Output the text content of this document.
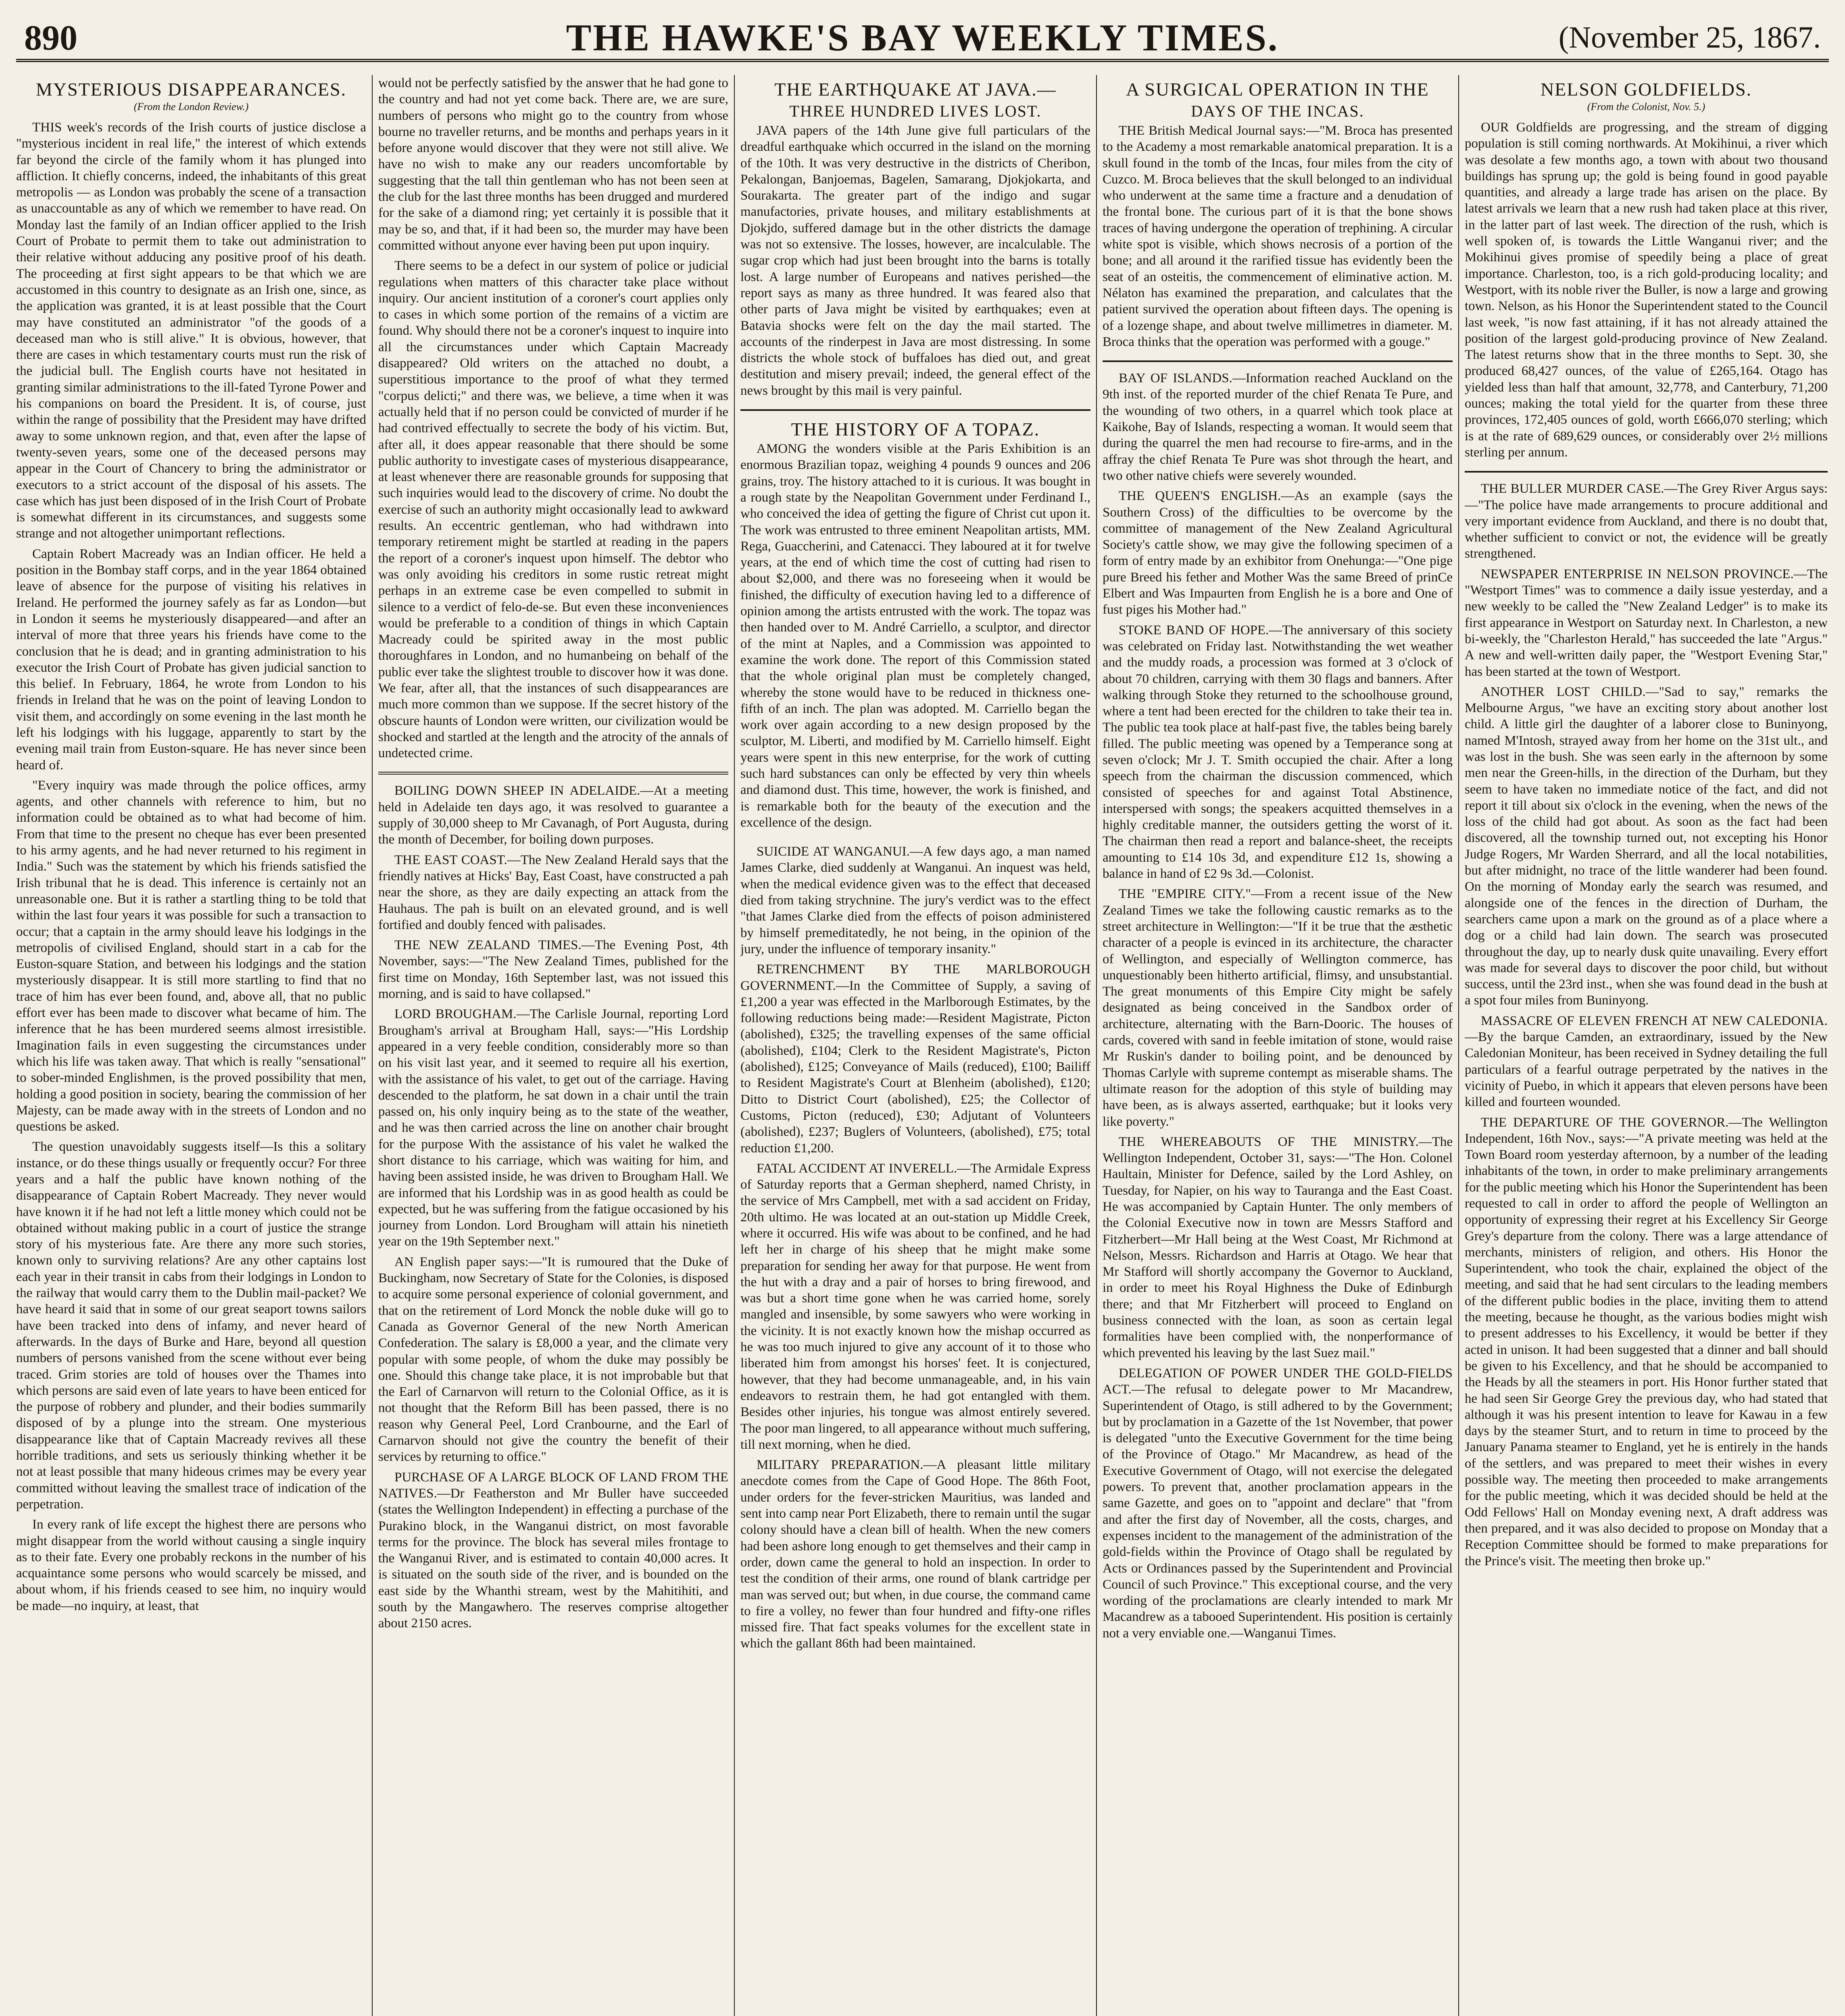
890	THE HAWKE'S BAY WEEKLY TIMES.	(November 25, 1867.
MYSTERIOUS DISAPPEARANCES.
(From the London Review.)

THIS week's records of the Irish courts of justice disclose a "mysterious incident in real life," the interest of which extends far beyond the circle of the family whom it has plunged into affliction. It chiefly concerns, indeed, the inhabitants of this great metropolis — as London was probably the scene of a transaction as unaccountable as any of which we remember to have read. On Monday last the family of an Indian officer applied to the Irish Court of Probate to permit them to take out administration to their relative without adducing any positive proof of his death. The proceeding at first sight appears to be that which we are accustomed in this country to designate as an Irish one, since, as the application was granted, it is at least possible that the Court may have constituted an administrator "of the goods of a deceased man who is still alive." It is obvious, however, that there are cases in which testamentary courts must run the risk of the judicial bull. The English courts have not hesitated in granting similar administrations to the ill-fated Tyrone Power and his companions on board the President. It is, of course, just within the range of possibility that the President may have drifted away to some unknown region, and that, even after the lapse of twenty-seven years, some one of the deceased persons may appear in the Court of Chancery to bring the administrator or executors to a strict account of the disposal of his assets. The case which has just been disposed of in the Irish Court of Probate is somewhat different in its circumstances, and suggests some strange and not altogether unimportant reflections.

Captain Robert Macready was an Indian officer. He held a position in the Bombay staff corps, and in the year 1864 obtained leave of absence for the purpose of visiting his relatives in Ireland. He performed the journey safely as far as London—but in London it seems he mysteriously disappeared—and after an interval of more that three years his friends have come to the conclusion that he is dead; and in granting administration to his executor the Irish Court of Probate has given judicial sanction to this belief. In February, 1864, he wrote from London to his friends in Ireland that he was on the point of leaving London to visit them, and accordingly on some evening in the last month he left his lodgings with his luggage, apparently to start by the evening mail train from Euston-square. He has never since been heard of.

"Every inquiry was made through the police offices, army agents, and other channels with reference to him, but no information could be obtained as to what had become of him. From that time to the present no cheque has ever been presented to his army agents, and he had never returned to his regiment in India." Such was the statement by which his friends satisfied the Irish tribunal that he is dead. This inference is certainly not an unreasonable one. But it is rather a startling thing to be told that within the last four years it was possible for such a transaction to occur; that a captain in the army should leave his lodgings in the metropolis of civilised England, should start in a cab for the Euston-square Station, and between his lodgings and the station mysteriously disappear. It is still more startling to find that no trace of him has ever been found, and, above all, that no public effort ever has been made to discover what became of him. The inference that he has been murdered seems almost irresistible. Imagination fails in even suggesting the circumstances under which his life was taken away. That which is really "sensational" to sober-minded Englishmen, is the proved possibility that men, holding a good position in society, bearing the commission of her Majesty, can be made away with in the streets of London and no questions be asked.

The question unavoidably suggests itself—Is this a solitary instance, or do these things usually or frequently occur? For three years and a half the public have known nothing of the disappearance of Captain Robert Macready. They never would have known it if he had not left a little money which could not be obtained without making public in a court of justice the strange story of his mysterious fate. Are there any more such stories, known only to surviving relations? Are any other captains lost each year in their transit in cabs from their lodgings in London to the railway that would carry them to the Dublin mail-packet? We have heard it said that in some of our great seaport towns sailors have been tracked into dens of infamy, and never heard of afterwards. In the days of Burke and Hare, beyond all question numbers of persons vanished from the scene without ever being traced. Grim stories are told of houses over the Thames into which persons are said even of late years to have been enticed for the purpose of robbery and plunder, and their bodies summarily disposed of by a plunge into the stream. One mysterious disappearance like that of Captain Macready revives all these horrible traditions, and sets us seriously thinking whether it be not at least possible that many hideous crimes may be every year committed without leaving the smallest trace of indication of the perpetration.

In every rank of life except the highest there are persons who might disappear from the world without causing a single inquiry as to their fate. Every one probably reckons in the number of his acquaintance some persons who would scarcely be missed, and about whom, if his friends ceased to see him, no inquiry would be made—no inquiry, at least, that

would not be perfectly satisfied by the answer that he had gone to the country and had not yet come back. There are, we are sure, numbers of persons who might go to the country from whose bourne no traveller returns, and be months and perhaps years in it before anyone would discover that they were not still alive. We have no wish to make any our readers uncomfortable by suggesting that the tall thin gentleman who has not been seen at the club for the last three months has been drugged and murdered for the sake of a diamond ring; yet certainly it is possible that it may be so, and that, if it had been so, the murder may have been committed without anyone ever having been put upon inquiry.

There seems to be a defect in our system of police or judicial regulations when matters of this character take place without inquiry. Our ancient institution of a coroner's court applies only to cases in which some portion of the remains of a victim are found. Why should there not be a coroner's inquest to inquire into all the circumstances under which Captain Macready disappeared? Old writers on the attached no doubt, a superstitious importance to the proof of what they termed "corpus delicti;" and there was, we believe, a time when it was actually held that if no person could be convicted of murder if he had contrived effectually to secrete the body of his victim. But, after all, it does appear reasonable that there should be some public authority to investigate cases of mysterious disappearance, at least whenever there are reasonable grounds for supposing that such inquiries would lead to the discovery of crime. No doubt the exercise of such an authority might occasionally lead to awkward results. An eccentric gentleman, who had withdrawn into temporary retirement might be startled at reading in the papers the report of a coroner's inquest upon himself. The debtor who was only avoiding his creditors in some rustic retreat might perhaps in an extreme case be even compelled to submit in silence to a verdict of felo-de-se. But even these inconveniences would be preferable to a condition of things in which Captain Macready could be spirited away in the most public thoroughfares in London, and no humanbeing on behalf of the public ever take the slightest trouble to discover how it was done. We fear, after all, that the instances of such disappearances are much more common than we suppose. If the secret history of the obscure haunts of London were written, our civilization would be shocked and startled at the length and the atrocity of the annals of undetected crime.

BOILING DOWN SHEEP IN ADELAIDE.—At a meeting held in Adelaide ten days ago, it was resolved to guarantee a supply of 30,000 sheep to Mr Cavanagh, of Port Augusta, during the month of December, for boiling down purposes.

THE EAST COAST.—The New Zealand Herald says that the friendly natives at Hicks' Bay, East Coast, have constructed a pah near the shore, as they are daily expecting an attack from the Hauhaus. The pah is built on an elevated ground, and is well fortified and doubly fenced with palisades.

THE NEW ZEALAND TIMES.—The Evening Post, 4th November, says:—"The New Zealand Times, published for the first time on Monday, 16th September last, was not issued this morning, and is said to have collapsed."

LORD BROUGHAM.—The Carlisle Journal, reporting Lord Brougham's arrival at Brougham Hall, says:—"His Lordship appeared in a very feeble condition, considerably more so than on his visit last year, and it seemed to require all his exertion, with the assistance of his valet, to get out of the carriage. Having descended to the platform, he sat down in a chair until the train passed on, his only inquiry being as to the state of the weather, and he was then carried across the line on another chair brought for the purpose With the assistance of his valet he walked the short distance to his carriage, which was waiting for him, and having been assisted inside, he was driven to Brougham Hall. We are informed that his Lordship was in as good health as could be expected, but he was suffering from the fatigue occasioned by his journey from London. Lord Brougham will attain his ninetieth year on the 19th September next."

AN English paper says:—"It is rumoured that the Duke of Buckingham, now Secretary of State for the Colonies, is disposed to acquire some personal experience of colonial government, and that on the retirement of Lord Monck the noble duke will go to Canada as Governor General of the new North American Confederation. The salary is £8,000 a year, and the climate very popular with some people, of whom the duke may possibly be one. Should this change take place, it is not improbable but that the Earl of Carnarvon will return to the Colonial Office, as it is not thought that the Reform Bill has been passed, there is no reason why General Peel, Lord Cranbourne, and the Earl of Carnarvon should not give the country the benefit of their services by returning to office."

PURCHASE OF A LARGE BLOCK OF LAND FROM THE NATIVES.—Dr Featherston and Mr Buller have succeeded (states the Wellington Independent) in effecting a purchase of the Purakino block, in the Wanganui district, on most favorable terms for the province. The block has several miles frontage to the Wanganui River, and is estimated to contain 40,000 acres. It is situated on the south side of the river, and is bounded on the east side by the Whanthi stream, west by the Mahitihiti, and south by the Mangawhero. The reserves comprise altogether about 2150 acres.

THE EARTHQUAKE AT JAVA.—
THREE HUNDRED LIVES LOST.

JAVA papers of the 14th June give full particulars of the dreadful earthquake which occurred in the island on the morning of the 10th. It was very destructive in the districts of Cheribon, Pekalongan, Banjoemas, Bagelen, Samarang, Djokjokarta, and Sourakarta. The greater part of the indigo and sugar manufactories, private houses, and military establishments at Djokjdo, suffered damage but in the other districts the damage was not so extensive. The losses, however, are incalculable. The sugar crop which had just been brought into the barns is totally lost. A large number of Europeans and natives perished—the report says as many as three hundred. It was feared also that other parts of Java might be visited by earthquakes; even at Batavia shocks were felt on the day the mail started. The accounts of the rinderpest in Java are most distressing. In some districts the whole stock of buffaloes has died out, and great destitution and misery prevail; indeed, the general effect of the news brought by this mail is very painful.

THE HISTORY OF A TOPAZ.

AMONG the wonders visible at the Paris Exhibition is an enormous Brazilian topaz, weighing 4 pounds 9 ounces and 206 grains, troy. The history attached to it is curious. It was bought in a rough state by the Neapolitan Government under Ferdinand I., who conceived the idea of getting the figure of Christ cut upon it. The work was entrusted to three eminent Neapolitan artists, MM. Rega, Guaccherini, and Catenacci. They laboured at it for twelve years, at the end of which time the cost of cutting had risen to about $2,000, and there was no foreseeing when it would be finished, the difficulty of execution having led to a difference of opinion among the artists entrusted with the work. The topaz was then handed over to M. André Carriello, a sculptor, and director of the mint at Naples, and a Commission was appointed to examine the work done. The report of this Commission stated that the whole original plan must be completely changed, whereby the stone would have to be reduced in thickness one-fifth of an inch. The plan was adopted. M. Carriello began the work over again according to a new design proposed by the sculptor, M. Liberti, and modified by M. Carriello himself. Eight years were spent in this new enterprise, for the work of cutting such hard substances can only be effected by very thin wheels and diamond dust. This time, however, the work is finished, and is remarkable both for the beauty of the execution and the excellence of the design.

SUICIDE AT WANGANUI.—A few days ago, a man named James Clarke, died suddenly at Wanganui. An inquest was held, when the medical evidence given was to the effect that deceased died from taking strychnine. The jury's verdict was to the effect "that James Clarke died from the effects of poison administered by himself premeditatedly, he not being, in the opinion of the jury, under the influence of temporary insanity."

RETRENCHMENT BY THE MARLBOROUGH GOVERNMENT.—In the Committee of Supply, a saving of £1,200 a year was effected in the Marlborough Estimates, by the following reductions being made:—Resident Magistrate, Picton (abolished), £325; the travelling expenses of the same official (abolished), £104; Clerk to the Resident Magistrate's, Picton (abolished), £125; Conveyance of Mails (reduced), £100; Bailiff to Resident Magistrate's Court at Blenheim (abolished), £120; Ditto to District Court (abolished), £25; the Collector of Customs, Picton (reduced), £30; Adjutant of Volunteers (abolished), £237; Buglers of Volunteers, (abolished), £75; total reduction £1,200.

FATAL ACCIDENT AT INVERELL.—The Armidale Express of Saturday reports that a German shepherd, named Christy, in the service of Mrs Campbell, met with a sad accident on Friday, 20th ultimo. He was located at an out-station up Middle Creek, where it occurred. His wife was about to be confined, and he had left her in charge of his sheep that he might make some preparation for sending her away for that purpose. He went from the hut with a dray and a pair of horses to bring firewood, and was but a short time gone when he was carried home, sorely mangled and insensible, by some sawyers who were working in the vicinity. It is not exactly known how the mishap occurred as he was too much injured to give any account of it to those who liberated him from amongst his horses' feet. It is conjectured, however, that they had become unmanageable, and, in his vain endeavors to restrain them, he had got entangled with them. Besides other injuries, his tongue was almost entirely severed. The poor man lingered, to all appearance without much suffering, till next morning, when he died.

MILITARY PREPARATION.—A pleasant little military anecdote comes from the Cape of Good Hope. The 86th Foot, under orders for the fever-stricken Mauritius, was landed and sent into camp near Port Elizabeth, there to remain until the sugar colony should have a clean bill of health. When the new comers had been ashore long enough to get themselves and their camp in order, down came the general to hold an inspection. In order to test the condition of their arms, one round of blank cartridge per man was served out; but when, in due course, the command came to fire a volley, no fewer than four hundred and fifty-one rifles missed fire. That fact speaks volumes for the excellent state in which the gallant 86th had been maintained.

A SURGICAL OPERATION IN THE
DAYS OF THE INCAS.

THE British Medical Journal says:—"M. Broca has presented to the Academy a most remarkable anatomical preparation. It is a skull found in the tomb of the Incas, four miles from the city of Cuzco. M. Broca believes that the skull belonged to an individual who underwent at the same time a fracture and a denudation of the frontal bone. The curious part of it is that the bone shows traces of having undergone the operation of trephining. A circular white spot is visible, which shows necrosis of a portion of the bone; and all around it the rarified tissue has evidently been the seat of an osteitis, the commencement of eliminative action. M. Nélaton has examined the preparation, and calculates that the patient survived the operation about fifteen days. The opening is of a lozenge shape, and about twelve millimetres in diameter. M. Broca thinks that the operation was performed with a gouge."

BAY OF ISLANDS.—Information reached Auckland on the 9th inst. of the reported murder of the chief Renata Te Pure, and the wounding of two others, in a quarrel which took place at Kaikohe, Bay of Islands, respecting a woman. It would seem that during the quarrel the men had recourse to fire-arms, and in the affray the chief Renata Te Pure was shot through the heart, and two other native chiefs were severely wounded.

THE QUEEN'S ENGLISH.—As an example (says the Southern Cross) of the difficulties to be overcome by the committee of management of the New Zealand Agricultural Society's cattle show, we may give the following specimen of a form of entry made by an exhibitor from Onehunga:—"One pige pure Breed his fether and Mother Was the same Breed of prinCe Elbert and Was Impaurten from English he is a bore and One of fust piges his Mother had."

STOKE BAND OF HOPE.—The anniversary of this society was celebrated on Friday last. Notwithstanding the wet weather and the muddy roads, a procession was formed at 3 o'clock of about 70 children, carrying with them 30 flags and banners. After walking through Stoke they returned to the schoolhouse ground, where a tent had been erected for the children to take their tea in. The public tea took place at half-past five, the tables being barely filled. The public meeting was opened by a Temperance song at seven o'clock; Mr J. T. Smith occupied the chair. After a long speech from the chairman the discussion commenced, which consisted of speeches for and against Total Abstinence, interspersed with songs; the speakers acquitted themselves in a highly creditable manner, the outsiders getting the worst of it. The chairman then read a report and balance-sheet, the receipts amounting to £14 10s 3d, and expenditure £12 1s, showing a balance in hand of £2 9s 3d.—Colonist.

THE "EMPIRE CITY."—From a recent issue of the New Zealand Times we take the following caustic remarks as to the street architecture in Wellington:—"If it be true that the æsthetic character of a people is evinced in its architecture, the character of Wellington, and especially of Wellington commerce, has unquestionably been hitherto artificial, flimsy, and unsubstantial. The great monuments of this Empire City might be safely designated as being conceived in the Sandbox order of architecture, alternating with the Barn-Dooric. The houses of cards, covered with sand in feeble imitation of stone, would raise Mr Ruskin's dander to boiling point, and be denounced by Thomas Carlyle with supreme contempt as miserable shams. The ultimate reason for the adoption of this style of building may have been, as is always asserted, earthquake; but it looks very like poverty."

THE WHEREABOUTS OF THE MINISTRY.—The Wellington Independent, October 31, says:—"The Hon. Colonel Haultain, Minister for Defence, sailed by the Lord Ashley, on Tuesday, for Napier, on his way to Tauranga and the East Coast. He was accompanied by Captain Hunter. The only members of the Colonial Executive now in town are Messrs Stafford and Fitzherbert—Mr Hall being at the West Coast, Mr Richmond at Nelson, Messrs. Richardson and Harris at Otago. We hear that Mr Stafford will shortly accompany the Governor to Auckland, in order to meet his Royal Highness the Duke of Edinburgh there; and that Mr Fitzherbert will proceed to England on business connected with the loan, as soon as certain legal formalities have been complied with, the nonperformance of which prevented his leaving by the last Suez mail."

DELEGATION OF POWER UNDER THE GOLD-FIELDS ACT.—The refusal to delegate power to Mr Macandrew, Superintendent of Otago, is still adhered to by the Government; but by proclamation in a Gazette of the 1st November, that power is delegated "unto the Executive Government for the time being of the Province of Otago." Mr Macandrew, as head of the Executive Government of Otago, will not exercise the delegated powers. To prevent that, another proclamation appears in the same Gazette, and goes on to "appoint and declare" that "from and after the first day of November, all the costs, charges, and expenses incident to the management of the administration of the gold-fields within the Province of Otago shall be regulated by Acts or Ordinances passed by the Superintendent and Provincial Council of such Province." This exceptional course, and the very wording of the proclamations are clearly intended to mark Mr Macandrew as a tabooed Superintendent. His position is certainly not a very enviable one.—Wanganui Times.

NELSON GOLDFIELDS.
(From the Colonist, Nov. 5.)

OUR Goldfields are progressing, and the stream of digging population is still coming northwards. At Mokihinui, a river which was desolate a few months ago, a town with about two thousand buildings has sprung up; the gold is being found in good payable quantities, and already a large trade has arisen on the place. By latest arrivals we learn that a new rush had taken place at this river, in the latter part of last week. The direction of the rush, which is well spoken of, is towards the Little Wanganui river; and the Mokihinui gives promise of speedily being a place of great importance. Charleston, too, is a rich gold-producing locality; and Westport, with its noble river the Buller, is now a large and growing town. Nelson, as his Honor the Superintendent stated to the Council last week, "is now fast attaining, if it has not already attained the position of the largest gold-producing province of New Zealand. The latest returns show that in the three months to Sept. 30, she produced 68,427 ounces, of the value of £265,164. Otago has yielded less than half that amount, 32,778, and Canterbury, 71,200 ounces; making the total yield for the quarter from these three provinces, 172,405 ounces of gold, worth £666,070 sterling; which is at the rate of 689,629 ounces, or considerably over 2½ millions sterling per annum.

THE BULLER MURDER CASE.—The Grey River Argus says:—"The police have made arrangements to procure additional and very important evidence from Auckland, and there is no doubt that, whether sufficient to convict or not, the evidence will be greatly strengthened.

NEWSPAPER ENTERPRISE IN NELSON PROVINCE.—The "Westport Times" was to commence a daily issue yesterday, and a new weekly to be called the "New Zealand Ledger" is to make its first appearance in Westport on Saturday next. In Charleston, a new bi-weekly, the "Charleston Herald," has succeeded the late "Argus." A new and well-written daily paper, the "Westport Evening Star," has been started at the town of Westport.

ANOTHER LOST CHILD.—"Sad to say," remarks the Melbourne Argus, "we have an exciting story about another lost child. A little girl the daughter of a laborer close to Buninyong, named M'Intosh, strayed away from her home on the 31st ult., and was lost in the bush. She was seen early in the afternoon by some men near the Green-hills, in the direction of the Durham, but they seem to have taken no immediate notice of the fact, and did not report it till about six o'clock in the evening, when the news of the loss of the child had got about. As soon as the fact had been discovered, all the township turned out, not excepting his Honor Judge Rogers, Mr Warden Sherrard, and all the local notabilities, but after midnight, no trace of the little wanderer had been found. On the morning of Monday early the search was resumed, and alongside one of the fences in the direction of Durham, the searchers came upon a mark on the ground as of a place where a dog or a child had lain down. The search was prosecuted throughout the day, up to nearly dusk quite unavailing. Every effort was made for several days to discover the poor child, but without success, until the 23rd inst., when she was found dead in the bush at a spot four miles from Buninyong.

MASSACRE OF ELEVEN FRENCH AT NEW CALEDONIA.—By the barque Camden, an extraordinary, issued by the New Caledonian Moniteur, has been received in Sydney detailing the full particulars of a fearful outrage perpetrated by the natives in the vicinity of Puebo, in which it appears that eleven persons have been killed and fourteen wounded.

THE DEPARTURE OF THE GOVERNOR.—The Wellington Independent, 16th Nov., says:—"A private meeting was held at the Town Board room yesterday afternoon, by a number of the leading inhabitants of the town, in order to make preliminary arrangements for the public meeting which his Honor the Superintendent has been requested to call in order to afford the people of Wellington an opportunity of expressing their regret at his Excellency Sir George Grey's departure from the colony. There was a large attendance of merchants, ministers of religion, and others. His Honor the Superintendent, who took the chair, explained the object of the meeting, and said that he had sent circulars to the leading members of the different public bodies in the place, inviting them to attend the meeting, because he thought, as the various bodies might wish to present addresses to his Excellency, it would be better if they acted in unison. It had been suggested that a dinner and ball should be given to his Excellency, and that he should be accompanied to the Heads by all the steamers in port. His Honor further stated that he had seen Sir George Grey the previous day, who had stated that although it was his present intention to leave for Kawau in a few days by the steamer Sturt, and to return in time to proceed by the January Panama steamer to England, yet he is entirely in the hands of the settlers, and was prepared to meet their wishes in every possible way. The meeting then proceeded to make arrangements for the public meeting, which it was decided should be held at the Odd Fellows' Hall on Monday evening next, A draft address was then prepared, and it was also decided to propose on Monday that a Reception Committee should be formed to make preparations for the Prince's visit. The meeting then broke up."
